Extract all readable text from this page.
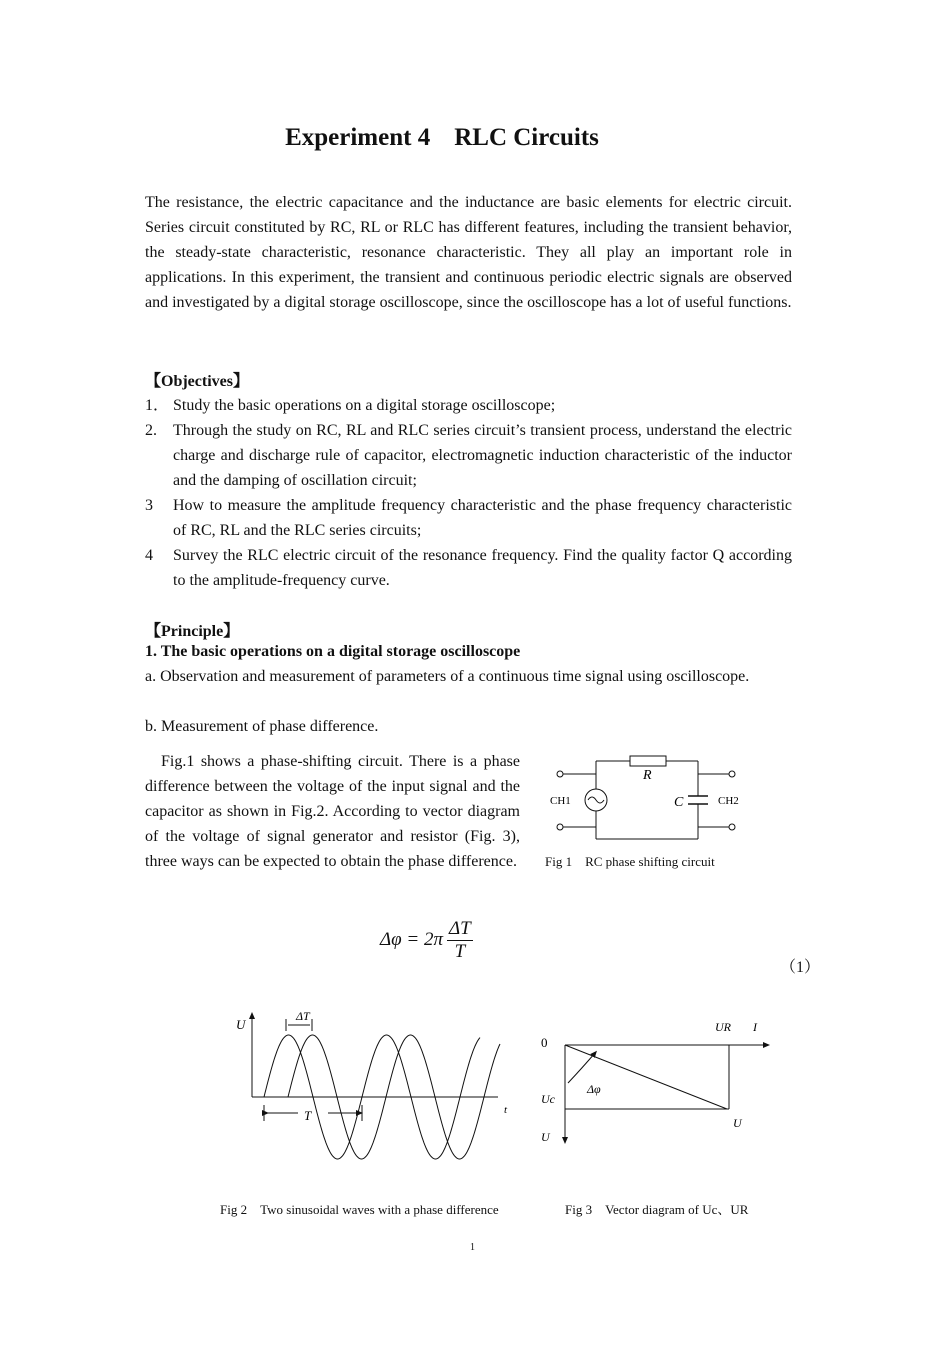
Experiment 4 RLC Circuits
The resistance, the electric capacitance and the inductance are basic elements for electric circuit. Series circuit constituted by RC, RL or RLC has different features, including the transient behavior, the steady-state characteristic, resonance characteristic. They all play an important role in applications. In this experiment, the transient and continuous periodic electric signals are observed and investigated by a digital storage oscilloscope, since the oscilloscope has a lot of useful functions.
【Objectives】
1． Study the basic operations on a digital storage oscilloscope;
2. Through the study on RC, RL and RLC series circuit’s transient process, understand the electric charge and discharge rule of capacitor, electromagnetic induction characteristic of the inductor and the damping of oscillation circuit;
3 How to measure the amplitude frequency characteristic and the phase frequency characteristic of RC, RL and the RLC series circuits;
4 Survey the RLC electric circuit of the resonance frequency. Find the quality factor Q according to the amplitude-frequency curve.
【Principle】
1. The basic operations on a digital storage oscilloscope
a. Observation and measurement of parameters of a continuous time signal using oscilloscope.
b. Measurement of phase difference.
Fig.1 shows a phase-shifting circuit. There is a phase difference between the voltage of the input signal and the capacitor as shown in Fig.2. According to vector diagram of the voltage of signal generator and resistor (Fig. 3), three ways can be expected to obtain the phase difference.
R
C
CH1	CH2
Fig 1　RC phase shifting circuit
$\Delta\varphi = 2\pi \frac{\Delta T}{T}$
（1）
U
ΔT
T	t
Fig 2　Two sinusoidal waves with a phase difference
0
UR I
Uc
U
U
Δφ
Fig 3　Vector diagram of Uc、UR
1
